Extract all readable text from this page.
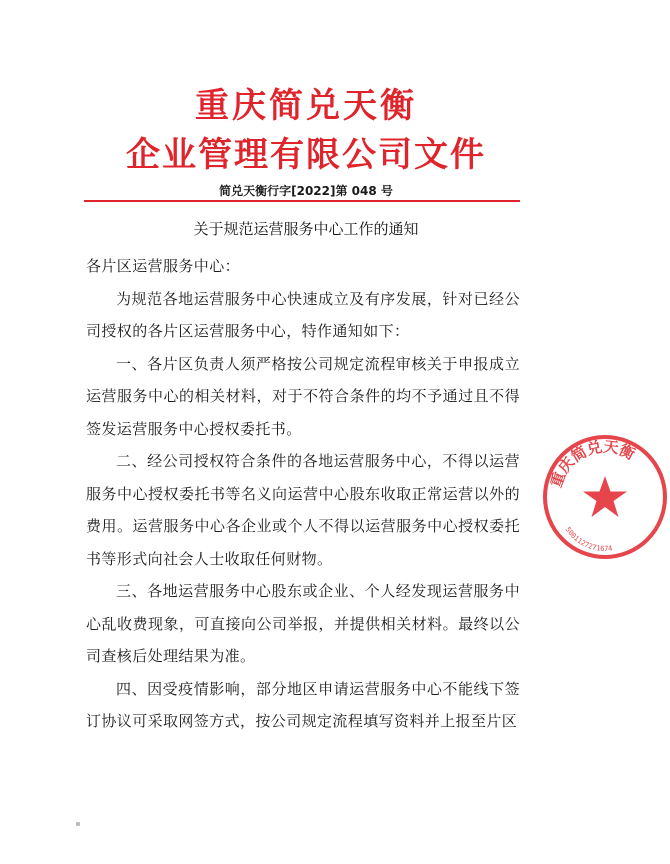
重庆简兑天衡
企业管理有限公司文件
简兑天衡行字[2022]第 048 号
关于规范运营服务中心工作的通知

各片区运营服务中心：

为规范各地运营服务中心快速成立及有序发展，针对已经公司授权的各片区运营服务中心，特作通知如下：

一、各片区负责人须严格按公司规定流程审核关于申报成立运营服务中心的相关材料，对于不符合条件的均不予通过且不得签发运营服务中心授权委托书。

二、经公司授权符合条件的各地运营服务中心，不得以运营服务中心授权委托书等名义向运营中心股东收取正常运营以外的费用。运营服务中心各企业或个人不得以运营服务中心授权委托书等形式向社会人士收取任何财物。

三、各地运营服务中心股东或企业、个人经发现运营服务中心乱收费现象，可直接向公司举报，并提供相关材料。最终以公司查核后处理结果为准。

四、因受疫情影响，部分地区申请运营服务中心不能线下签订协议可采取网签方式，按公司规定流程填写资料并上报至片区

重庆简兑天衡
5001127271674
